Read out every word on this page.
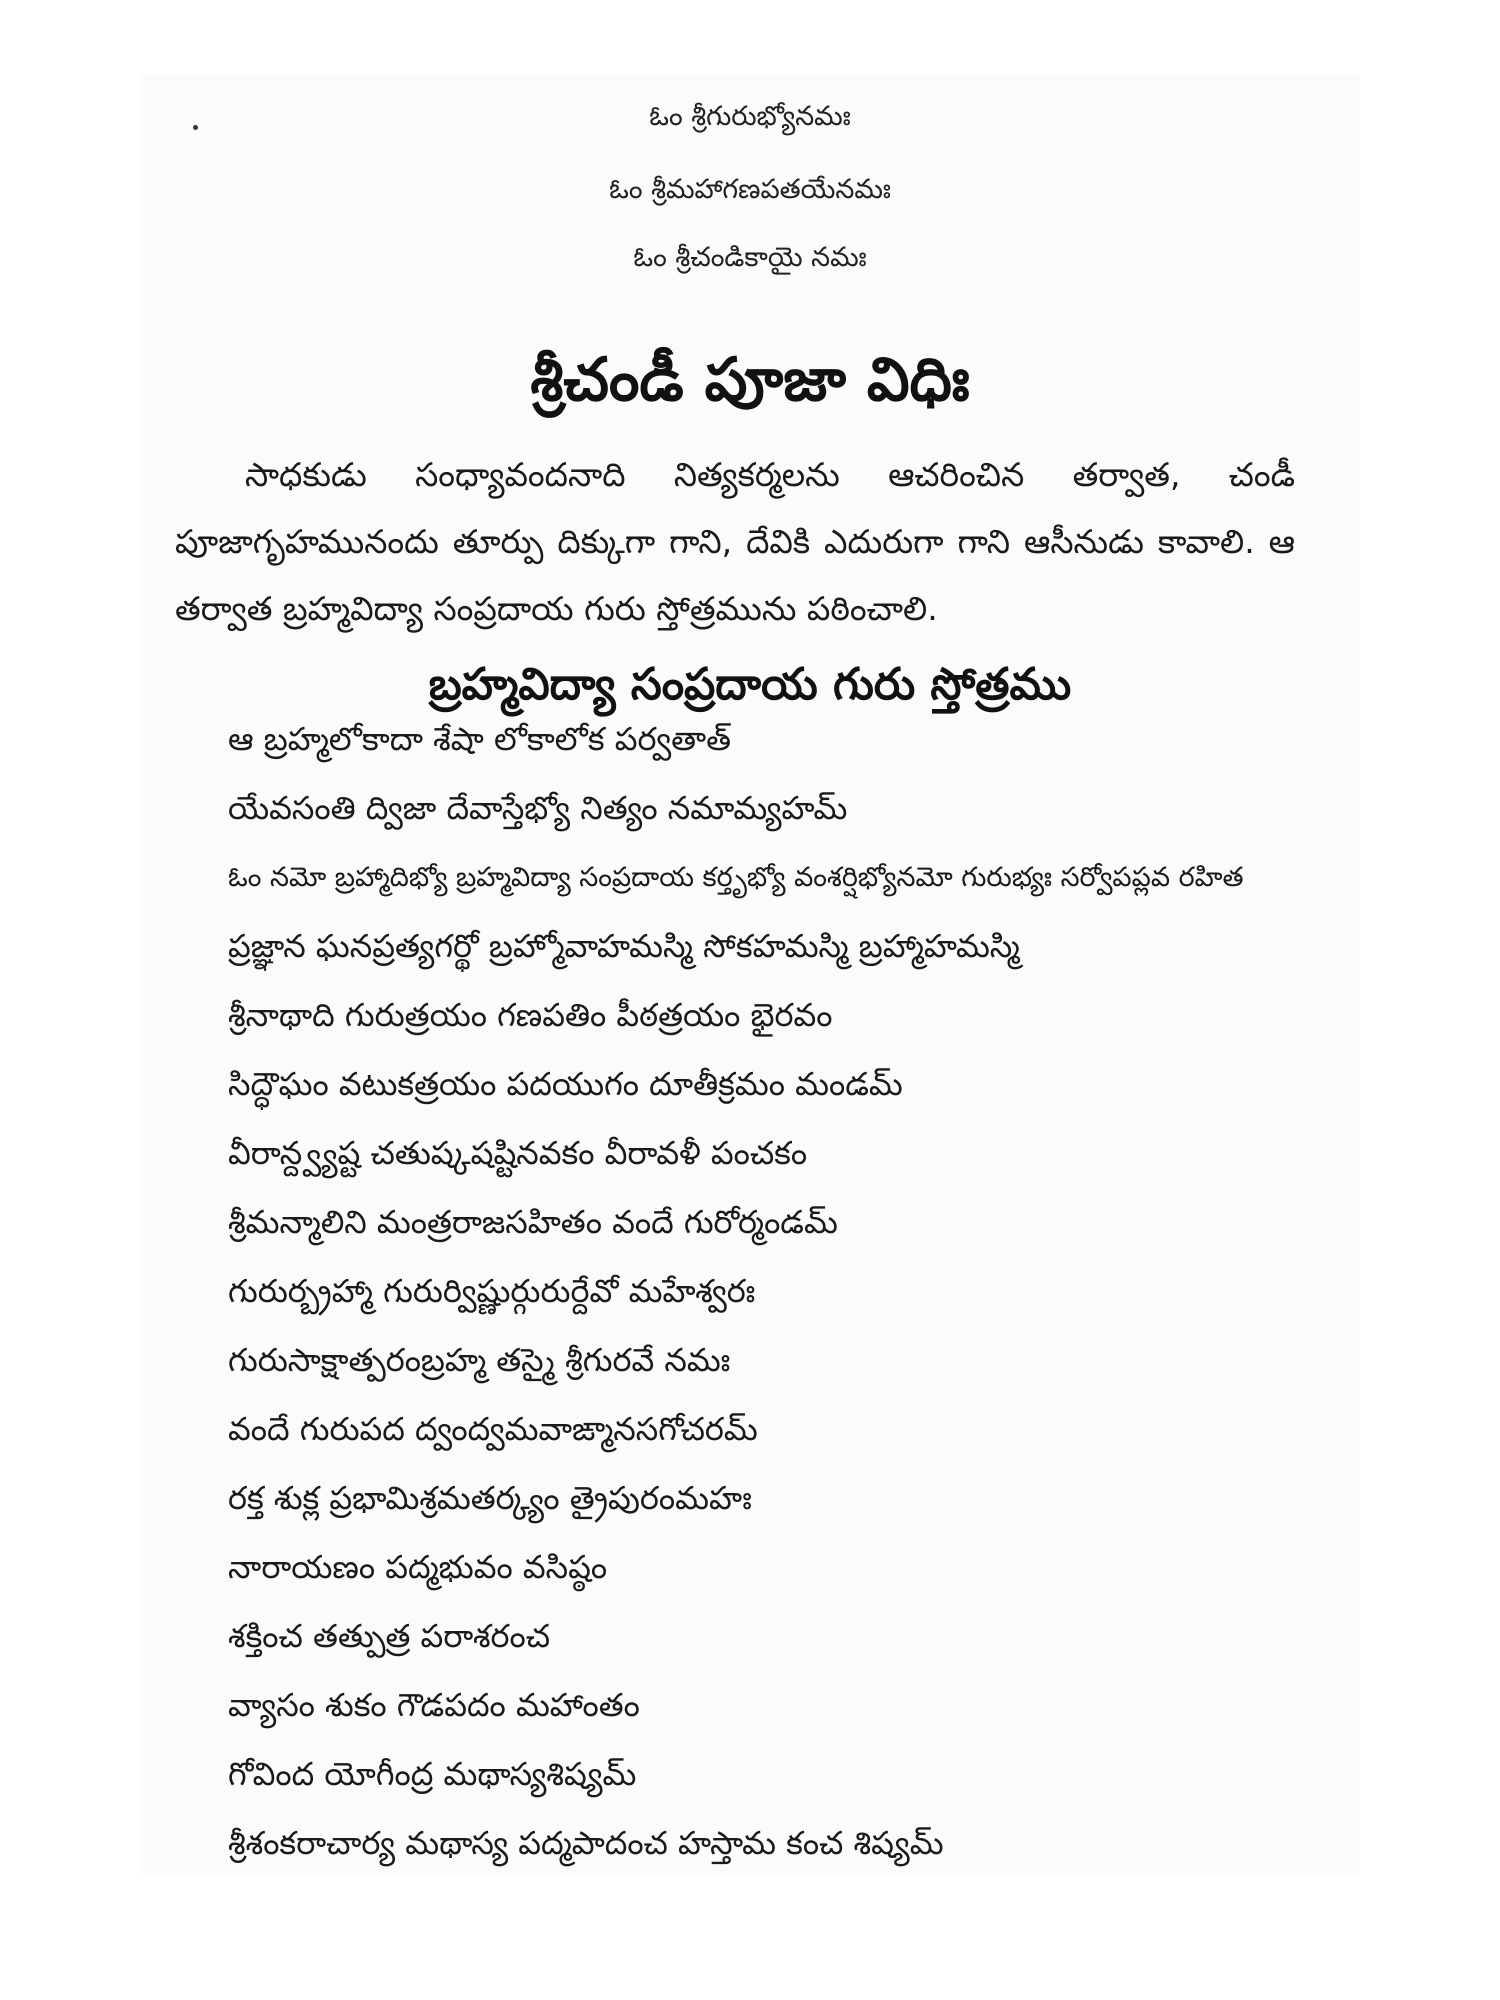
ఓం శ్రీగురుభ్యోనమః
ఓం శ్రీమహాగణపతయేనమః
ఓం శ్రీచండికాయై నమః
శ్రీచండీ పూజా విధిః

సాధకుడు సంధ్యావందనాది నిత్యకర్మలను ఆచరించిన తర్వాత, చండీ పూజాగృహమునందు తూర్పు దిక్కుగా గాని, దేవికి ఎదురుగా గాని ఆసీనుడు కావాలి. ఆ తర్వాత బ్రహ్మవిద్యా సంప్రదాయ గురు స్తోత్రమును పఠించాలి.

బ్రహ్మవిద్యా సంప్రదాయ గురు స్తోత్రము
ఆ బ్రహ్మలోకాదా శేషా లోకాలోక పర్వతాత్
యేవసంతి ద్విజా దేవాస్తేభ్యో నిత్యం నమామ్యహమ్
ఓం నమో బ్రహ్మాదిభ్యో బ్రహ్మవిద్యా సంప్రదాయ కర్తృభ్యో వంశర్షిభ్యోనమో గురుభ్యః సర్వోపప్లవ రహిత
ప్రజ్ఞాన ఘనప్రత్యగర్థో బ్రహ్మోవాహమస్మి సోకహమస్మి బ్రహ్మాహమస్మి
శ్రీనాథాది గురుత్రయం గణపతిం పీఠత్రయం భైరవం
సిద్ధౌఘం వటుకత్రయం పదయుగం దూతీక్రమం మండమ్
వీరాన్ద్వ్యష్ట చతుష్కషష్టినవకం వీరావళీ పంచకం
శ్రీమన్మాలిని మంత్రరాజసహితం వందే గురోర్మండమ్
గురుర్బ్రహ్మా గురుర్విష్ణుర్గురుర్దేవో మహేశ్వరః
గురుసాక్షాత్పరంబ్రహ్మ తస్మై శ్రీగురవే నమః
వందే గురుపద ద్వంద్వమవాఙ్మానసగోచరమ్
రక్త శుక్ల ప్రభామిశ్రమతర్క్యం త్రైపురంమహః
నారాయణం పద్మభువం వసిష్ఠం
శక్తించ తత్పుత్ర పరాశరంచ
వ్యాసం శుకం గౌడపదం మహాంతం
గోవింద యోగీంద్ర మథాస్యశిష్యమ్
శ్రీశంకరాచార్య మథాస్య పద్మపాదంచ హస్తామ కంచ శిష్యమ్
